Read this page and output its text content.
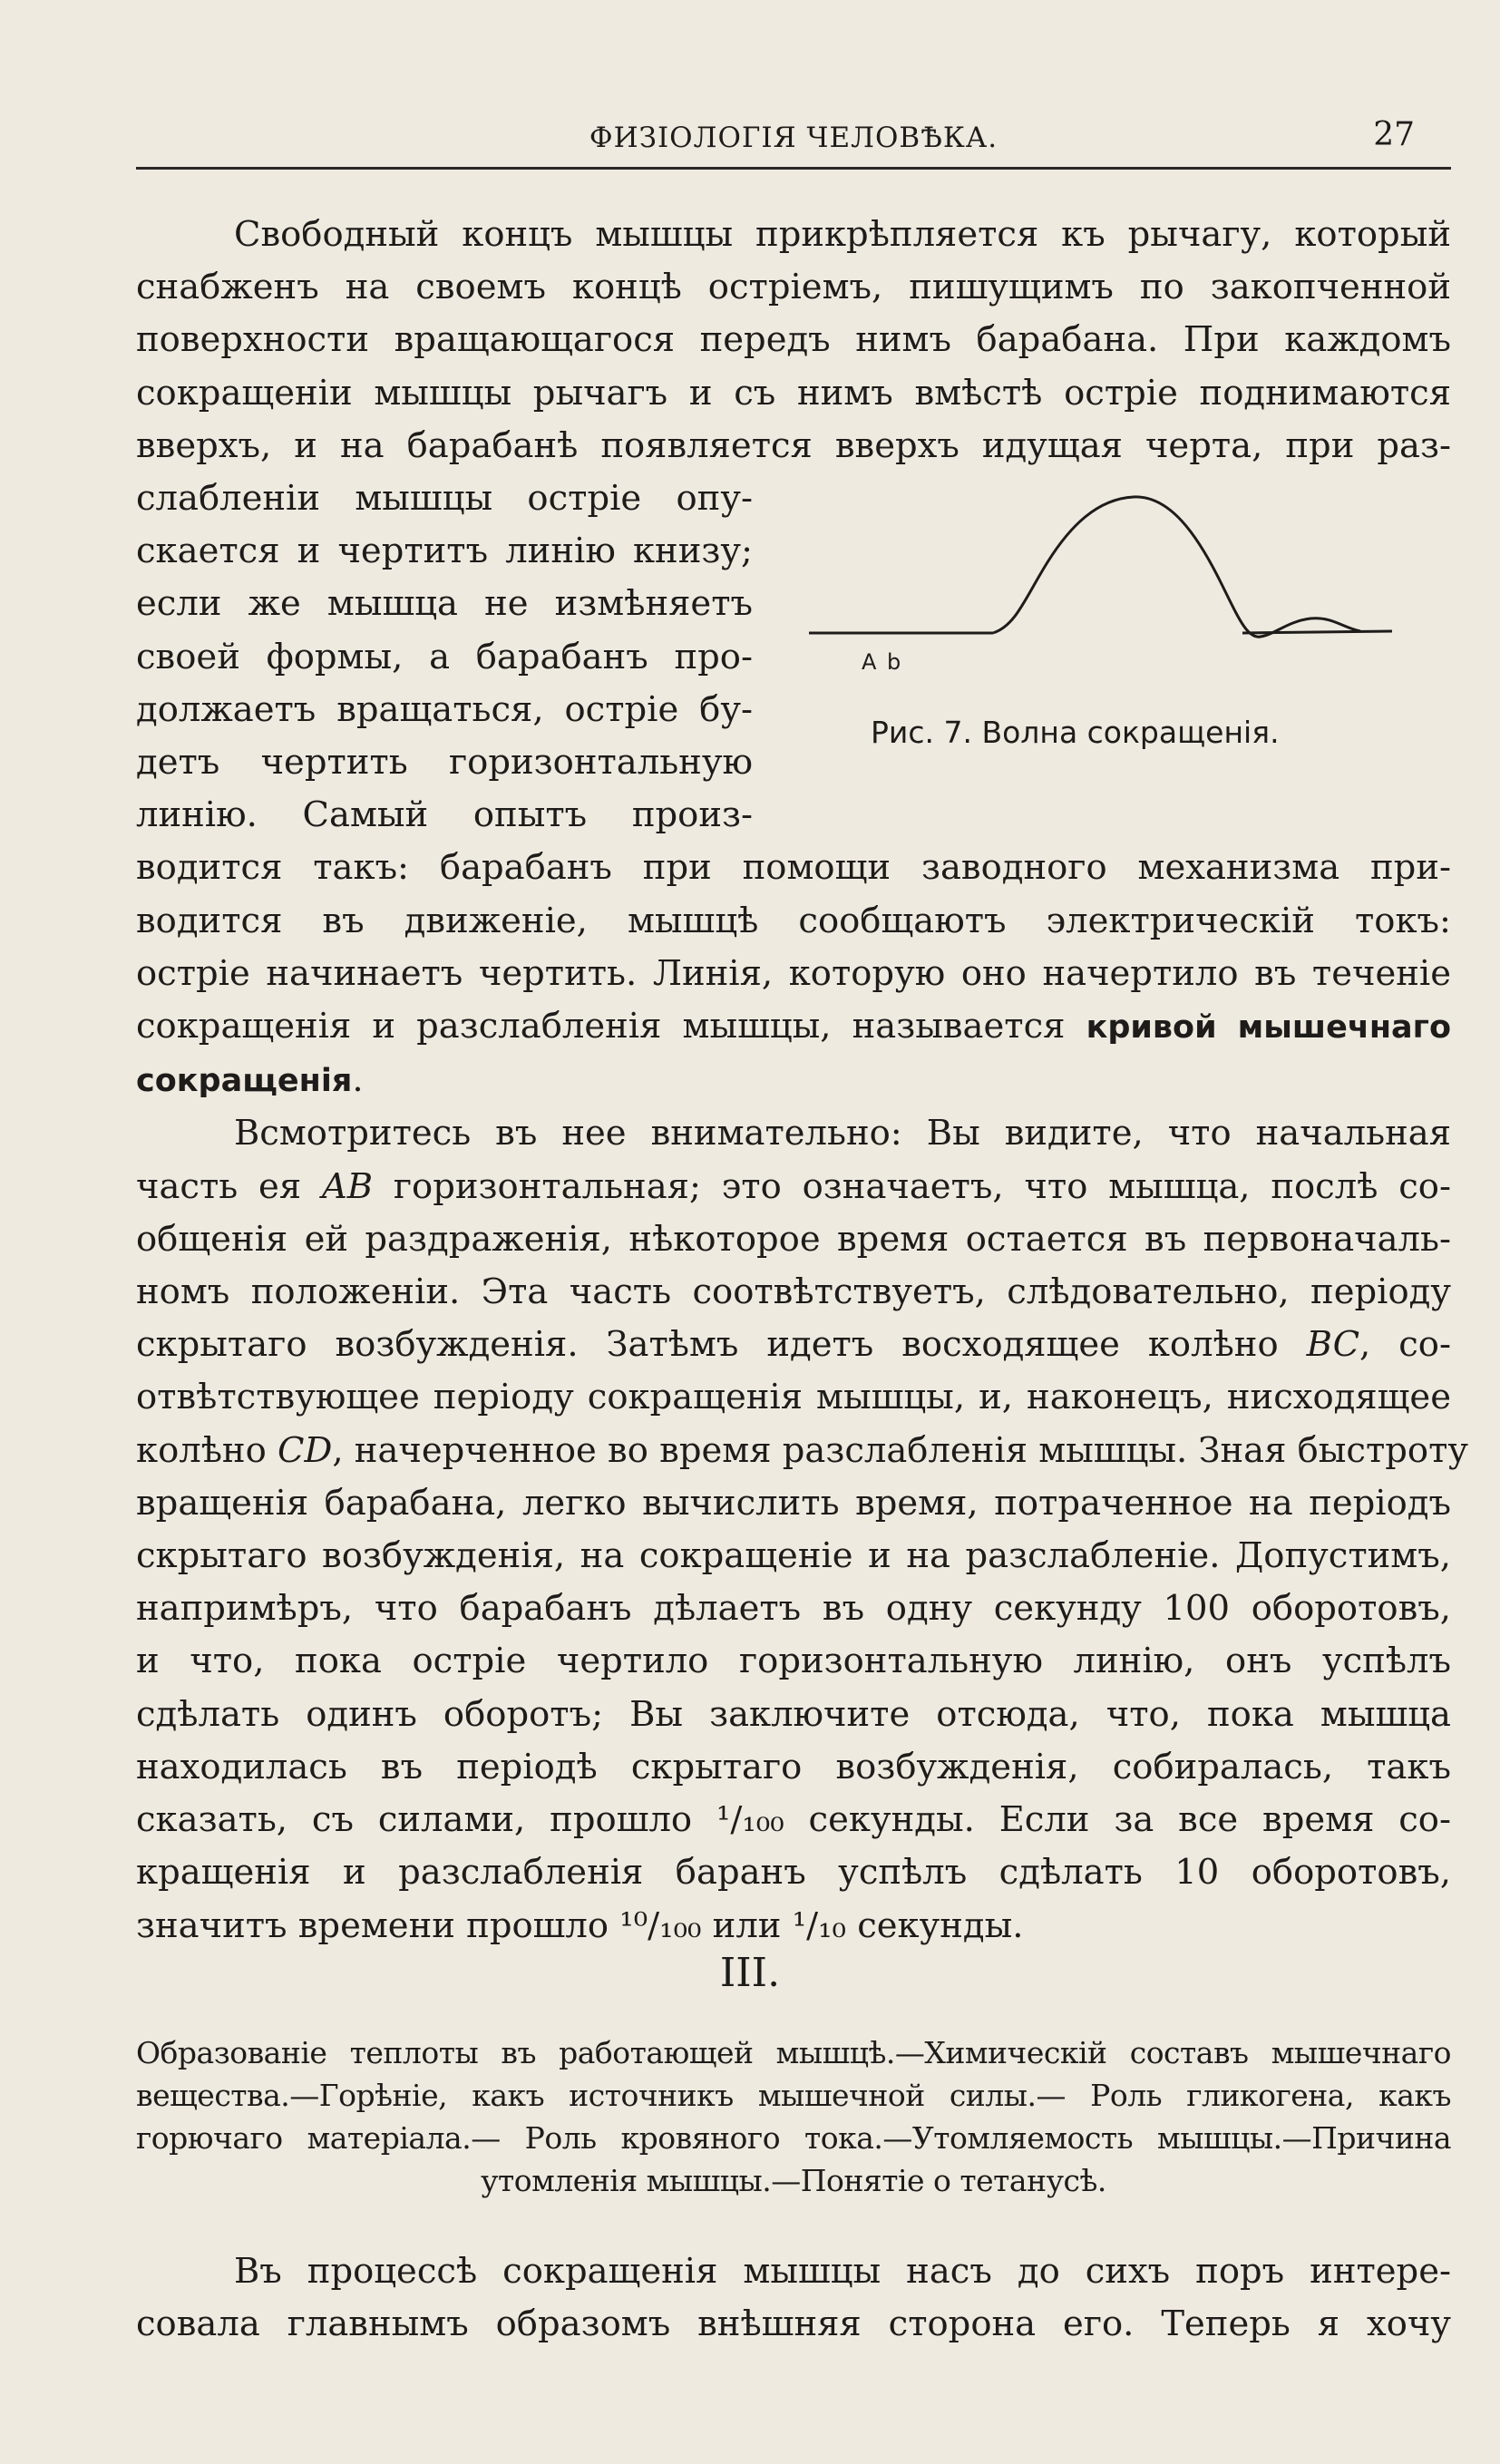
ФИЗІОЛОГІЯ ЧЕЛОВѢКА.	27
Свободный концъ мышцы прикрѣпляется къ рычагу, который
снабженъ на своемъ концѣ остріемъ, пишущимъ по закопченной
поверхности вращающагося передъ нимъ барабана. При каждомъ
сокращеніи мышцы рычагъ и съ нимъ вмѣстѣ остріе поднимаются
вверхъ, и на барабанѣ появляется вверхъ идущая черта, при раз-
слабленіи мышцы остріе опу-
скается и чертитъ линію книзу;
если же мышца не измѣняетъ
своей формы, а барабанъ про-
должаетъ вращаться, остріе бу-
детъ чертить горизонтальную
линію. Самый опытъ произ-
водится такъ: барабанъ при помощи заводного механизма при-
водится въ движеніе, мышцѣ сообщаютъ электрическій токъ:
остріе начинаетъ чертить. Линія, которую оно начертило въ теченіе
сокращенія и разслабленія мышцы, называется кривой мышечнаго
сокращенія.
Всмотритесь въ нее внимательно: Вы видите, что начальная
часть ея AB горизонтальная; это означаетъ, что мышца, послѣ со-
общенія ей раздраженія, нѣкоторое время остается въ первоначаль-
номъ положеніи. Эта часть соотвѣтствуетъ, слѣдовательно, періоду
скрытаго возбужденія. Затѣмъ идетъ восходящее колѣно BC, со-
отвѣтствующее періоду сокращенія мышцы, и, наконецъ, нисходящее
колѣно CD, начерченное во время разслабленія мышцы. Зная быстроту
вращенія барабана, легко вычислить время, потраченное на періодъ
скрытаго возбужденія, на сокращеніе и на разслабленіе. Допустимъ,
напримѣръ, что барабанъ дѣлаетъ въ одну секунду 100 оборотовъ,
и что, пока остріе чертило горизонтальную линію, онъ успѣлъ
сдѣлать одинъ оборотъ; Вы заключите отсюда, что, пока мышца
находилась въ періодѣ скрытаго возбужденія, собиралась, такъ
сказать, съ силами, прошло ¹/₁₀₀ секунды. Если за все время со-
кращенія и разслабленія баранъ успѣлъ сдѣлать 10 оборотовъ,
значитъ времени прошло ¹⁰/₁₀₀ или ¹/₁₀ секунды.
A b
Рис. 7. Волна сокращенія.
III.
Образованіе теплоты въ работающей мышцѣ.—Химическій составъ мышечнаго
вещества.—Горѣніе, какъ источникъ мышечной силы.— Роль гликогена, какъ
горючаго матеріала.— Роль кровяного тока.—Утомляемость мышцы.—Причина
утомленія мышцы.—Понятіе о тетанусѣ.
Въ процессѣ сокращенія мышцы насъ до сихъ поръ интере-
совала главнымъ образомъ внѣшняя сторона его. Теперь я хочу
